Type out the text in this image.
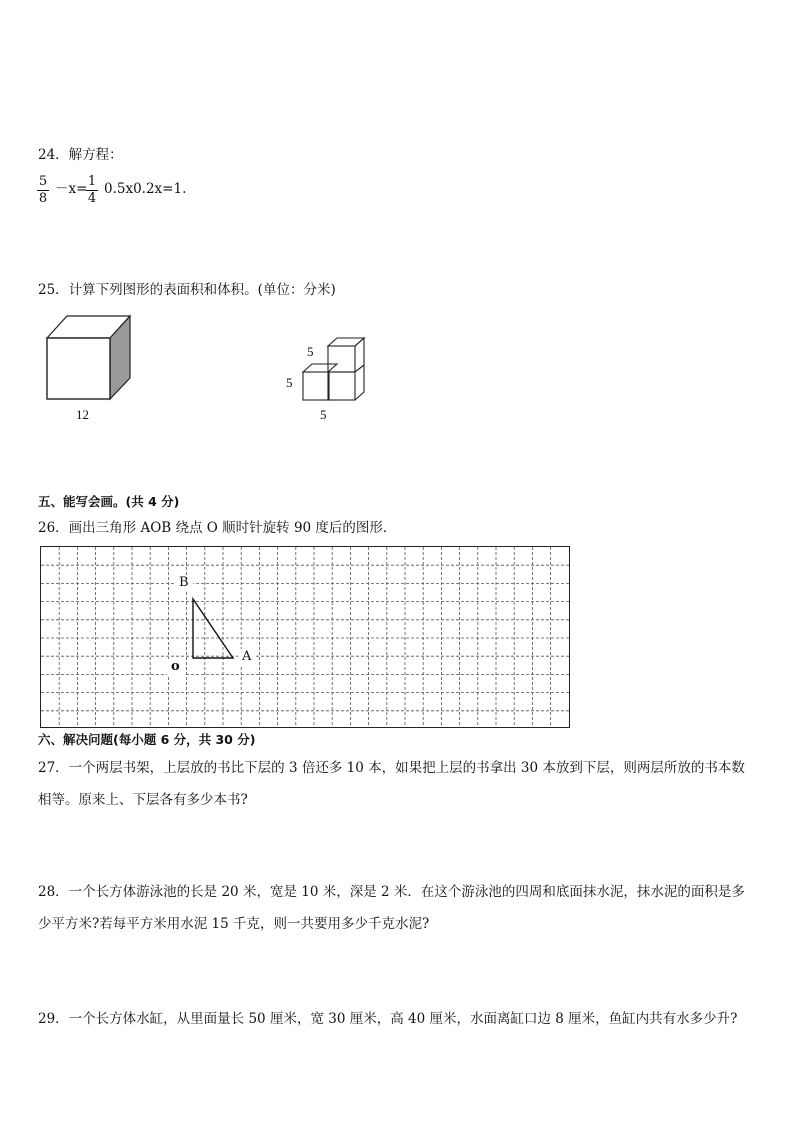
24．解方程：
5
8
－x= 1
4
0.5x0.2x=1.
25．计算下列图形的表面积和体积。(单位：分米)
12
5
5
5
五、能写会画。(共 4 分)
26．画出三角形 AOB 绕点 O 顺时针旋转 90 度后的图形．
B
A
o
六、解决问题(每小题 6 分，共 30 分)
27．一个两层书架，上层放的书比下层的 3 倍还多 10 本，如果把上层的书拿出 30 本放到下层，则两层所放的书本数
相等。原来上、下层各有多少本书?
28．一个长方体游泳池的长是 20 米，宽是 10 米，深是 2 米．在这个游泳池的四周和底面抹水泥，抹水泥的面积是多
少平方米?若每平方米用水泥 15 千克，则一共要用多少千克水泥?
29．一个长方体水缸，从里面量长 50 厘米，宽 30 厘米，高 40 厘米，水面离缸口边 8 厘米，鱼缸内共有水多少升?
